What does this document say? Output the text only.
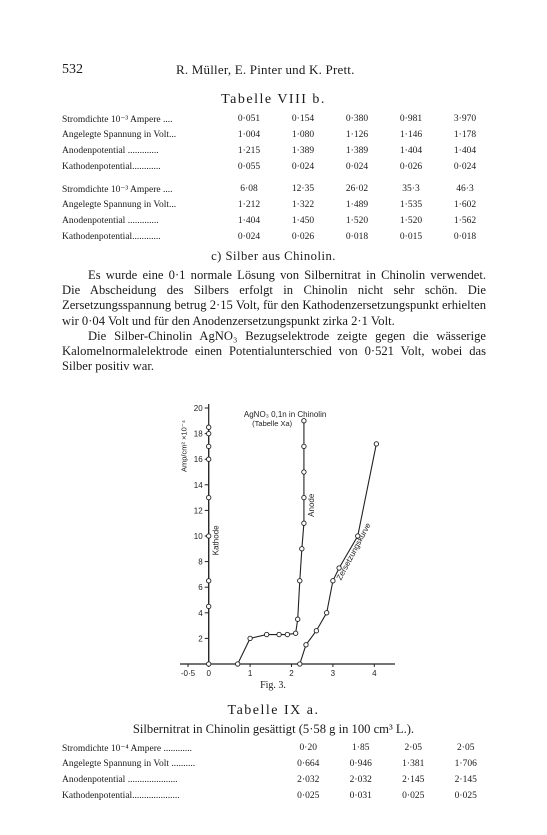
532	R. Müller, E. Pinter und K. Prett.
Tabelle VIII b.
Stromdichte 10⁻³ Ampere ....	0·051	0·154	0·380	0·981	3·970
Angelegte Spannung in Volt...	1·004	1·080	1·126	1·146	1·178
Anodenpotential .............	1·215	1·389	1·389	1·404	1·404
Kathodenpotential............	0·055	0·024	0·024	0·026	0·024
Stromdichte 10⁻³ Ampere ....	6·08	12·35	26·02	35·3	46·3
Angelegte Spannung in Volt...	1·212	1·322	1·489	1·535	1·602
Anodenpotential .............	1·404	1·450	1·520	1·520	1·562
Kathodenpotential............	0·024	0·026	0·018	0·015	0·018
c) Silber aus Chinolin.

Es wurde eine 0·1 normale Lösung von Silbernitrat in Chinolin verwendet. Die Abscheidung des Silbers erfolgt in Chinolin nicht sehr schön. Die Zersetzungsspannung betrug 2·15 Volt, für den Kathodenzersetzungspunkt erhielten wir 0·04 Volt und für den Anodenzersetzungspunkt zirka 2·1 Volt.

Die Silber-Chinolin AgNO₃ Bezugselektrode zeigte gegen die wässerige Kalomelnormalelektrode einen Potentialunterschied von 0·521 Volt, wobei das Silber positiv war.

20
18
16
14
12
10
8
6
4
2
-0·5 0	1	2	3	4
Amp/cm² ×10⁻⁴
Kathode
Anode
Zersetzungskurve
AgNO₃ 0,1n in Chinolin
(Tabelle Xa)
Fig. 3.
Tabelle IX a.
Silbernitrat in Chinolin gesättigt (5·58 g in 100 cm³ L.).
Stromdichte 10⁻⁴ Ampere ............	0·20	1·85	2·05	2·05
Angelegte Spannung in Volt ..........	0·664	0·946	1·381	1·706
Anodenpotential .....................	2·032	2·032	2·145	2·145
Kathodenpotential....................	0·025	0·031	0·025	0·025
